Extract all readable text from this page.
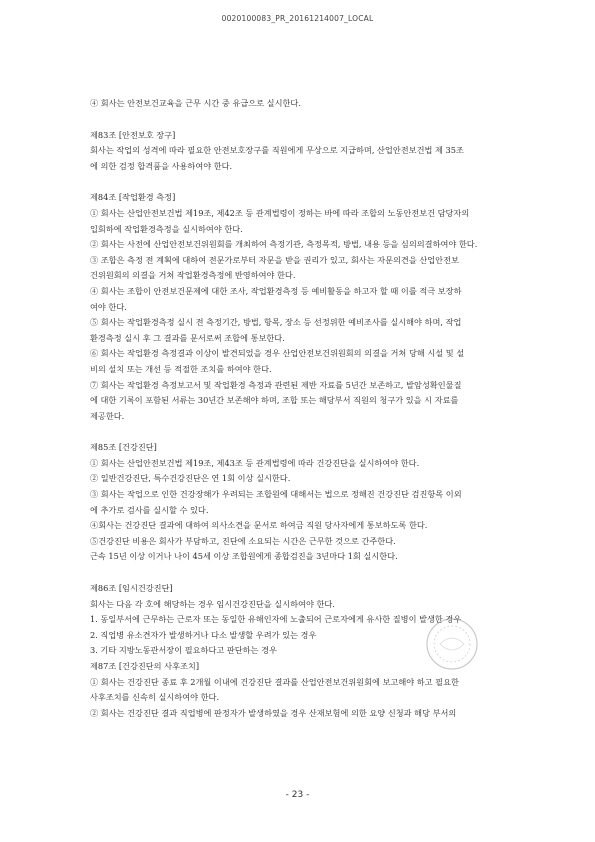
0020100083_PR_20161214007_LOCAL
④ 회사는 안전보건교육을 근무 시간 중 유급으로 실시한다.
제83조 [안전보호 장구]
회사는 작업의 성격에 따라 필요한 안전보호장구를 직원에게 무상으로 지급하며, 산업안전보건법 제 35조
에 의한 검정 합격품을 사용하여야 한다.
제84조 [작업환경 측정]
① 회사는 산업안전보건법 제19조, 제42조 등 관계법령이 정하는 바에 따라 조합의 노동안전보건 담당자의
입회하에 작업환경측정을 실시하여야 한다.
② 회사는 사전에 산업안전보건위원회를 개최하여 측정기관, 측정목적, 방법, 내용 등을 심의의결하여야 한다.
③ 조합은 측정 전 계획에 대하여 전문가로부터 자문을 받을 권리가 있고, 회사는 자문의견을 산업안전보
건위원회의 의결을 거쳐 작업환경측정에 반영하여야 한다.
④ 회사는 조합이 안전보건문제에 대한 조사, 작업환경측정 등 예비활동을 하고자 할 때 이를 적극 보장하
여야 한다.
⑤ 회사는 작업환경측정 실시 전 측정기간, 방법, 항목, 장소 등 선정위한 예비조사를 실시해야 하며, 작업
환경측정 실시 후 그 결과를 문서로써 조합에 통보한다.
⑥ 회사는 작업환경 측정결과 이상이 발견되었을 경우 산업안전보건위원회의 의결을 거쳐 당해 시설 및 설
비의 설치 또는 개선 등 적절한 조치를 하여야 한다.
⑦ 회사는 작업환경 측정보고서 및 작업환경 측정과 관련된 제반 자료를 5년간 보존하고, 발암성확인물질
에 대한 기록이 포함된 서류는 30년간 보존해야 하며, 조합 또는 해당부서 직원의 청구가 있을 시 자료를
제공한다.
제85조 [건강진단]
① 회사는 산업안전보건법 제19조, 제43조 등 관계법령에 따라 건강진단을 실시하여야 한다.
② 일반건강진단, 특수건강진단은 연 1회 이상 실시한다.
③ 회사는 작업으로 인한 건강장해가 우려되는 조합원에 대해서는 법으로 정해진 건강진단 검진항목 이외
에 추가로 검사를 실시할 수 있다.
④회사는 건강진단 결과에 대하여 의사소견을 문서로 하여금 직원 당사자에게 통보하도록 한다.
⑤건강진단 비용은 회사가 부담하고, 진단에 소요되는 시간은 근무한 것으로 간주한다.
근속 15년 이상 이거나 나이 45세 이상 조합원에게 종합검진을 3년마다 1회 실시한다.
제86조 [임시건강진단]
회사는 다음 각 호에 해당하는 경우 임시건강진단을 실시하여야 한다.
1. 동일부서에 근무하는 근로자 또는 동일한 유해인자에 노출되어 근로자에게 유사한 질병이 발생한 경우
2. 직업병 유소견자가 발생하거나 다소 발생할 우려가 있는 경우
3. 기타 지방노동관서장이 필요하다고 판단하는 경우
제87조 [건강진단의 사후조치]
① 회사는 건강진단 종료 후 2개월 이내에 건강진단 결과를 산업안전보건위원회에 보고해야 하고 필요한
사후조치를 신속히 실시하여야 한다.
② 회사는 건강진단 결과 직업병에 판정자가 발생하였을 경우 산재보험에 의한 요양 신청과 해당 부서의
- 23 -
